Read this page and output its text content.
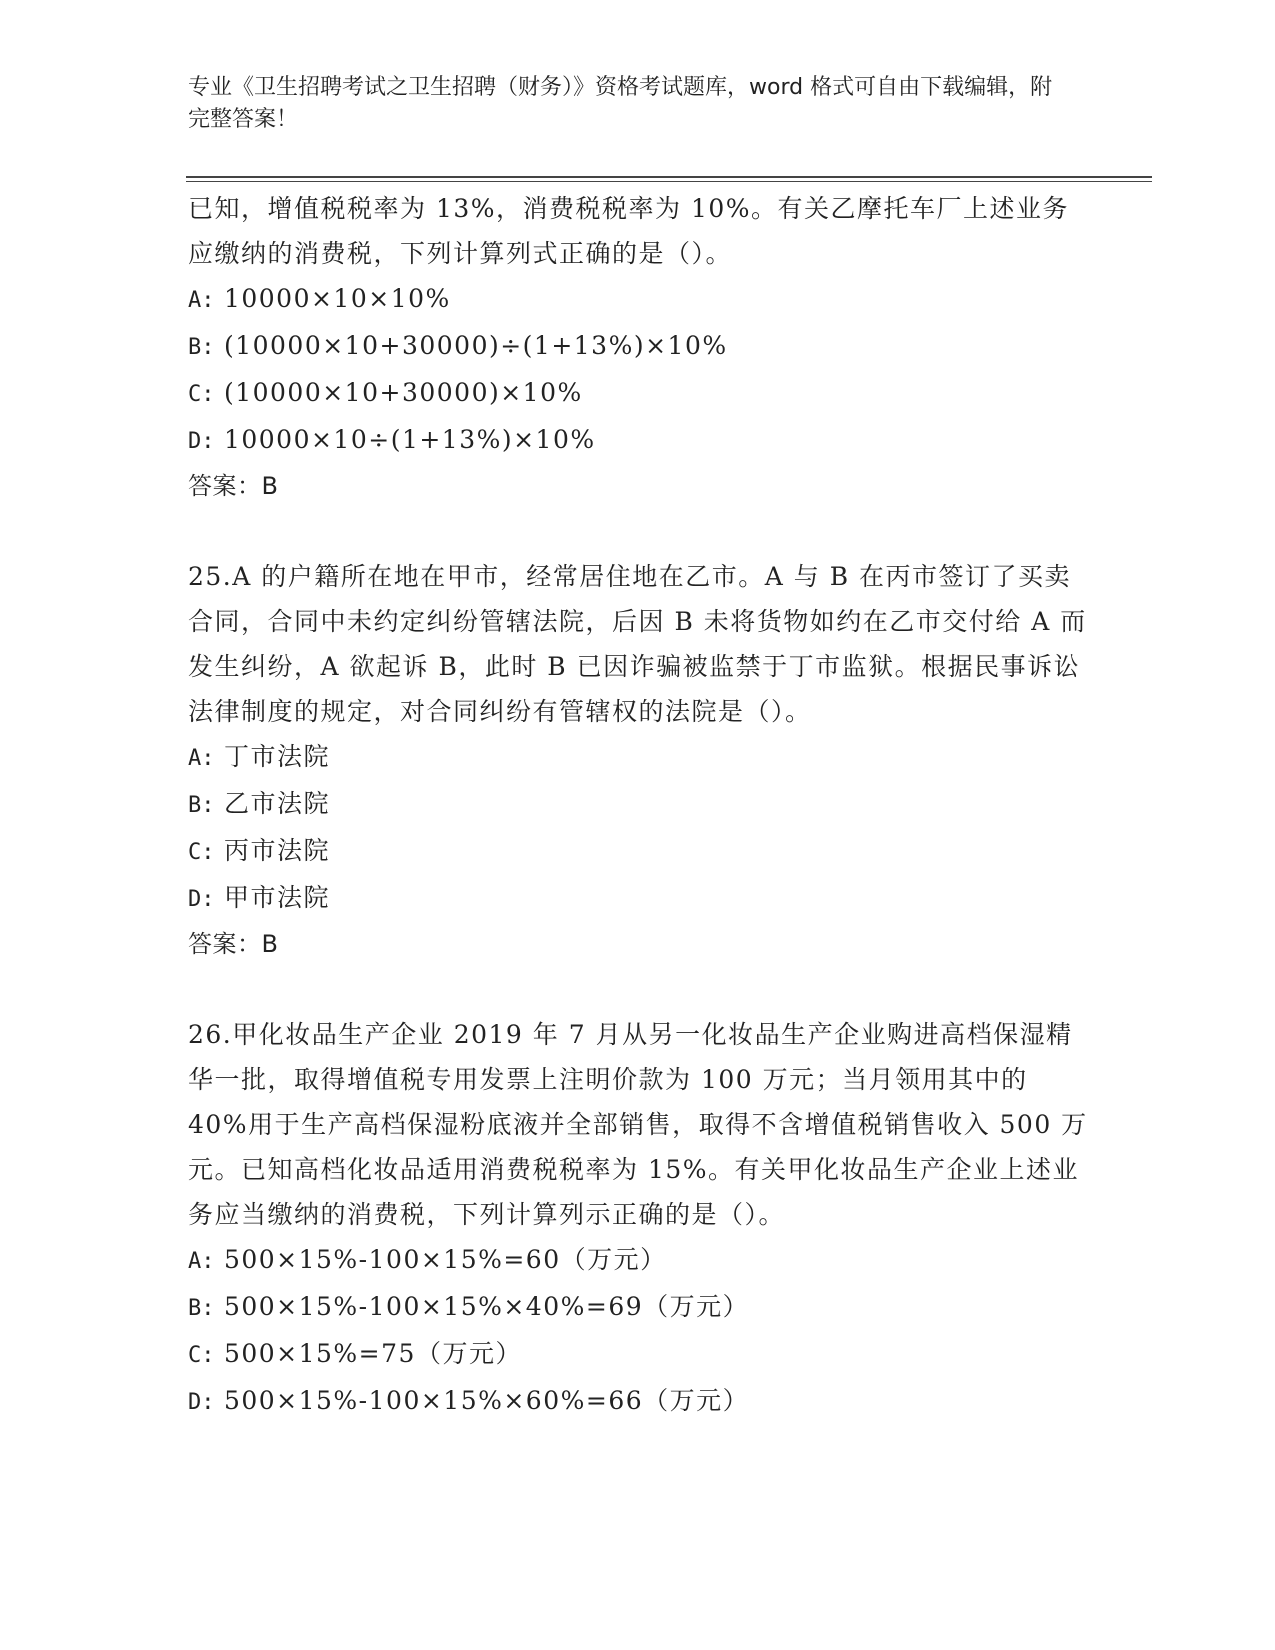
专业《卫生招聘考试之卫生招聘（财务）》资格考试题库，word 格式可自由下载编辑，附完整答案！
已知，增值税税率为 13%，消费税税率为 10%。有关乙摩托车厂上述业务应缴纳的消费税，下列计算列式正确的是（）。
A: 10000×10×10%
B: (10000×10+30000)÷(1+13%)×10%
C: (10000×10+30000)×10%
D: 10000×10÷(1+13%)×10%
答案：B
25.A 的户籍所在地在甲市，经常居住地在乙市。A 与 B 在丙市签订了买卖合同，合同中未约定纠纷管辖法院，后因 B 未将货物如约在乙市交付给 A 而发生纠纷，A 欲起诉 B，此时 B 已因诈骗被监禁于丁市监狱。根据民事诉讼法律制度的规定，对合同纠纷有管辖权的法院是（）。
A: 丁市法院
B: 乙市法院
C: 丙市法院
D: 甲市法院
答案：B
26.甲化妆品生产企业 2019 年 7 月从另一化妆品生产企业购进高档保湿精华一批，取得增值税专用发票上注明价款为 100 万元；当月领用其中的 40%用于生产高档保湿粉底液并全部销售，取得不含增值税销售收入 500 万元。已知高档化妆品适用消费税税率为 15%。有关甲化妆品生产企业上述业务应当缴纳的消费税，下列计算列示正确的是（）。
A: 500×15%-100×15%=60（万元）
B: 500×15%-100×15%×40%=69（万元）
C: 500×15%=75（万元）
D: 500×15%-100×15%×60%=66（万元）
